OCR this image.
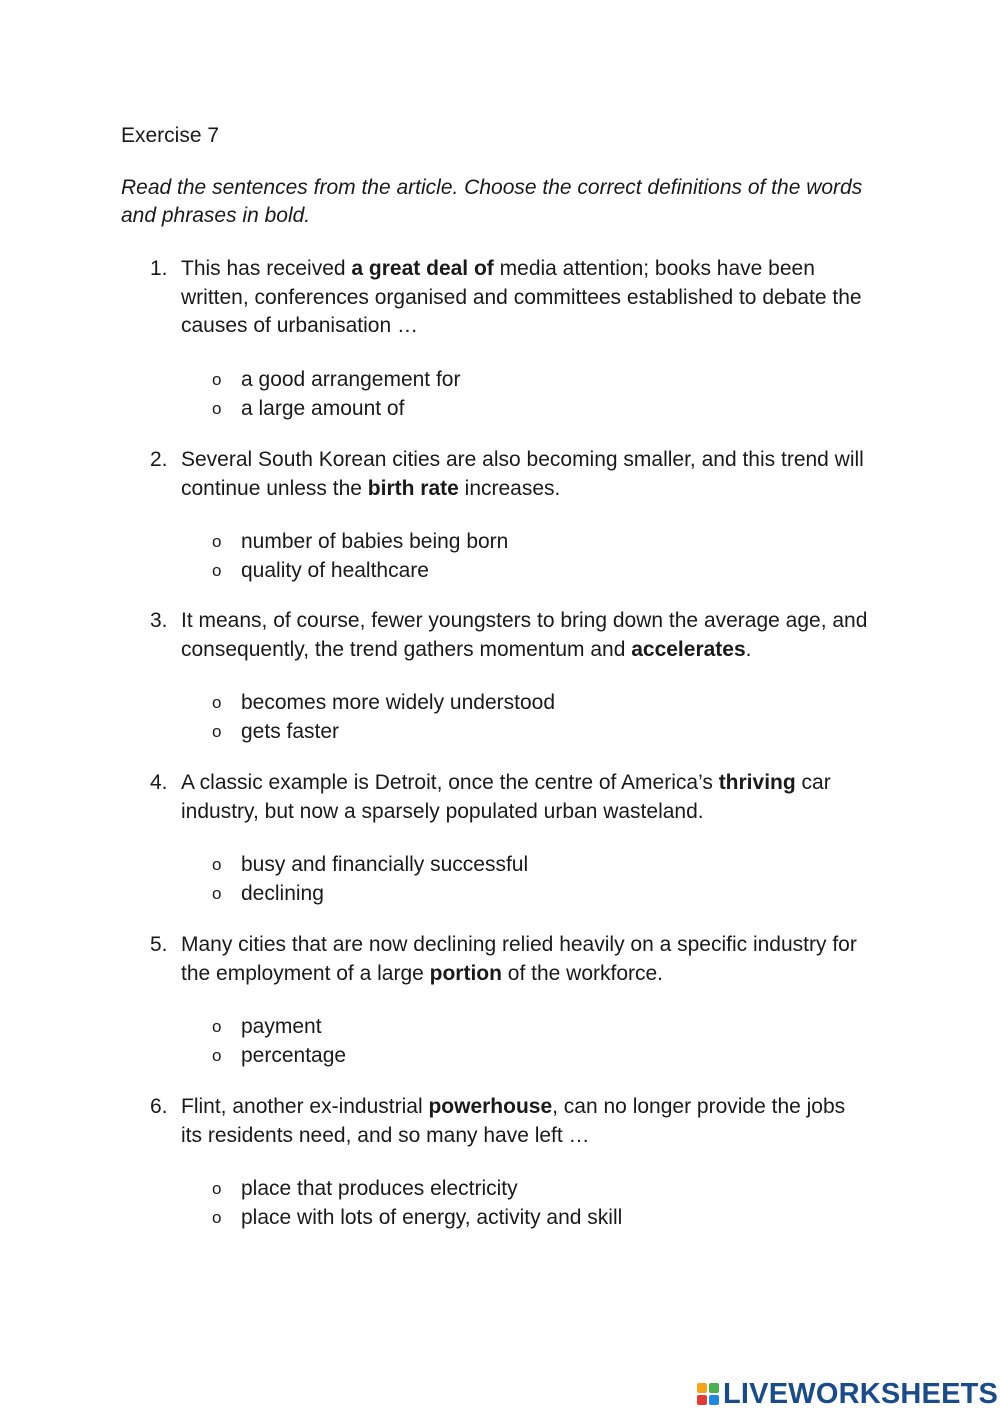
Exercise 7
Read the sentences from the article. Choose the correct definitions of the words and phrases in bold.
1. This has received a great deal of media attention; books have been written, conferences organised and committees established to debate the causes of urbanisation …
o a good arrangement for
o a large amount of
2. Several South Korean cities are also becoming smaller, and this trend will continue unless the birth rate increases.
o number of babies being born
o quality of healthcare
3. It means, of course, fewer youngsters to bring down the average age, and consequently, the trend gathers momentum and accelerates.
o becomes more widely understood
o gets faster
4. A classic example is Detroit, once the centre of America’s thriving car industry, but now a sparsely populated urban wasteland.
o busy and financially successful
o declining
5. Many cities that are now declining relied heavily on a specific industry for the employment of a large portion of the workforce.
o payment
o percentage
6. Flint, another ex-industrial powerhouse, can no longer provide the jobs its residents need, and so many have left …
o place that produces electricity
o place with lots of energy, activity and skill
LIVEWORKSHEETS
